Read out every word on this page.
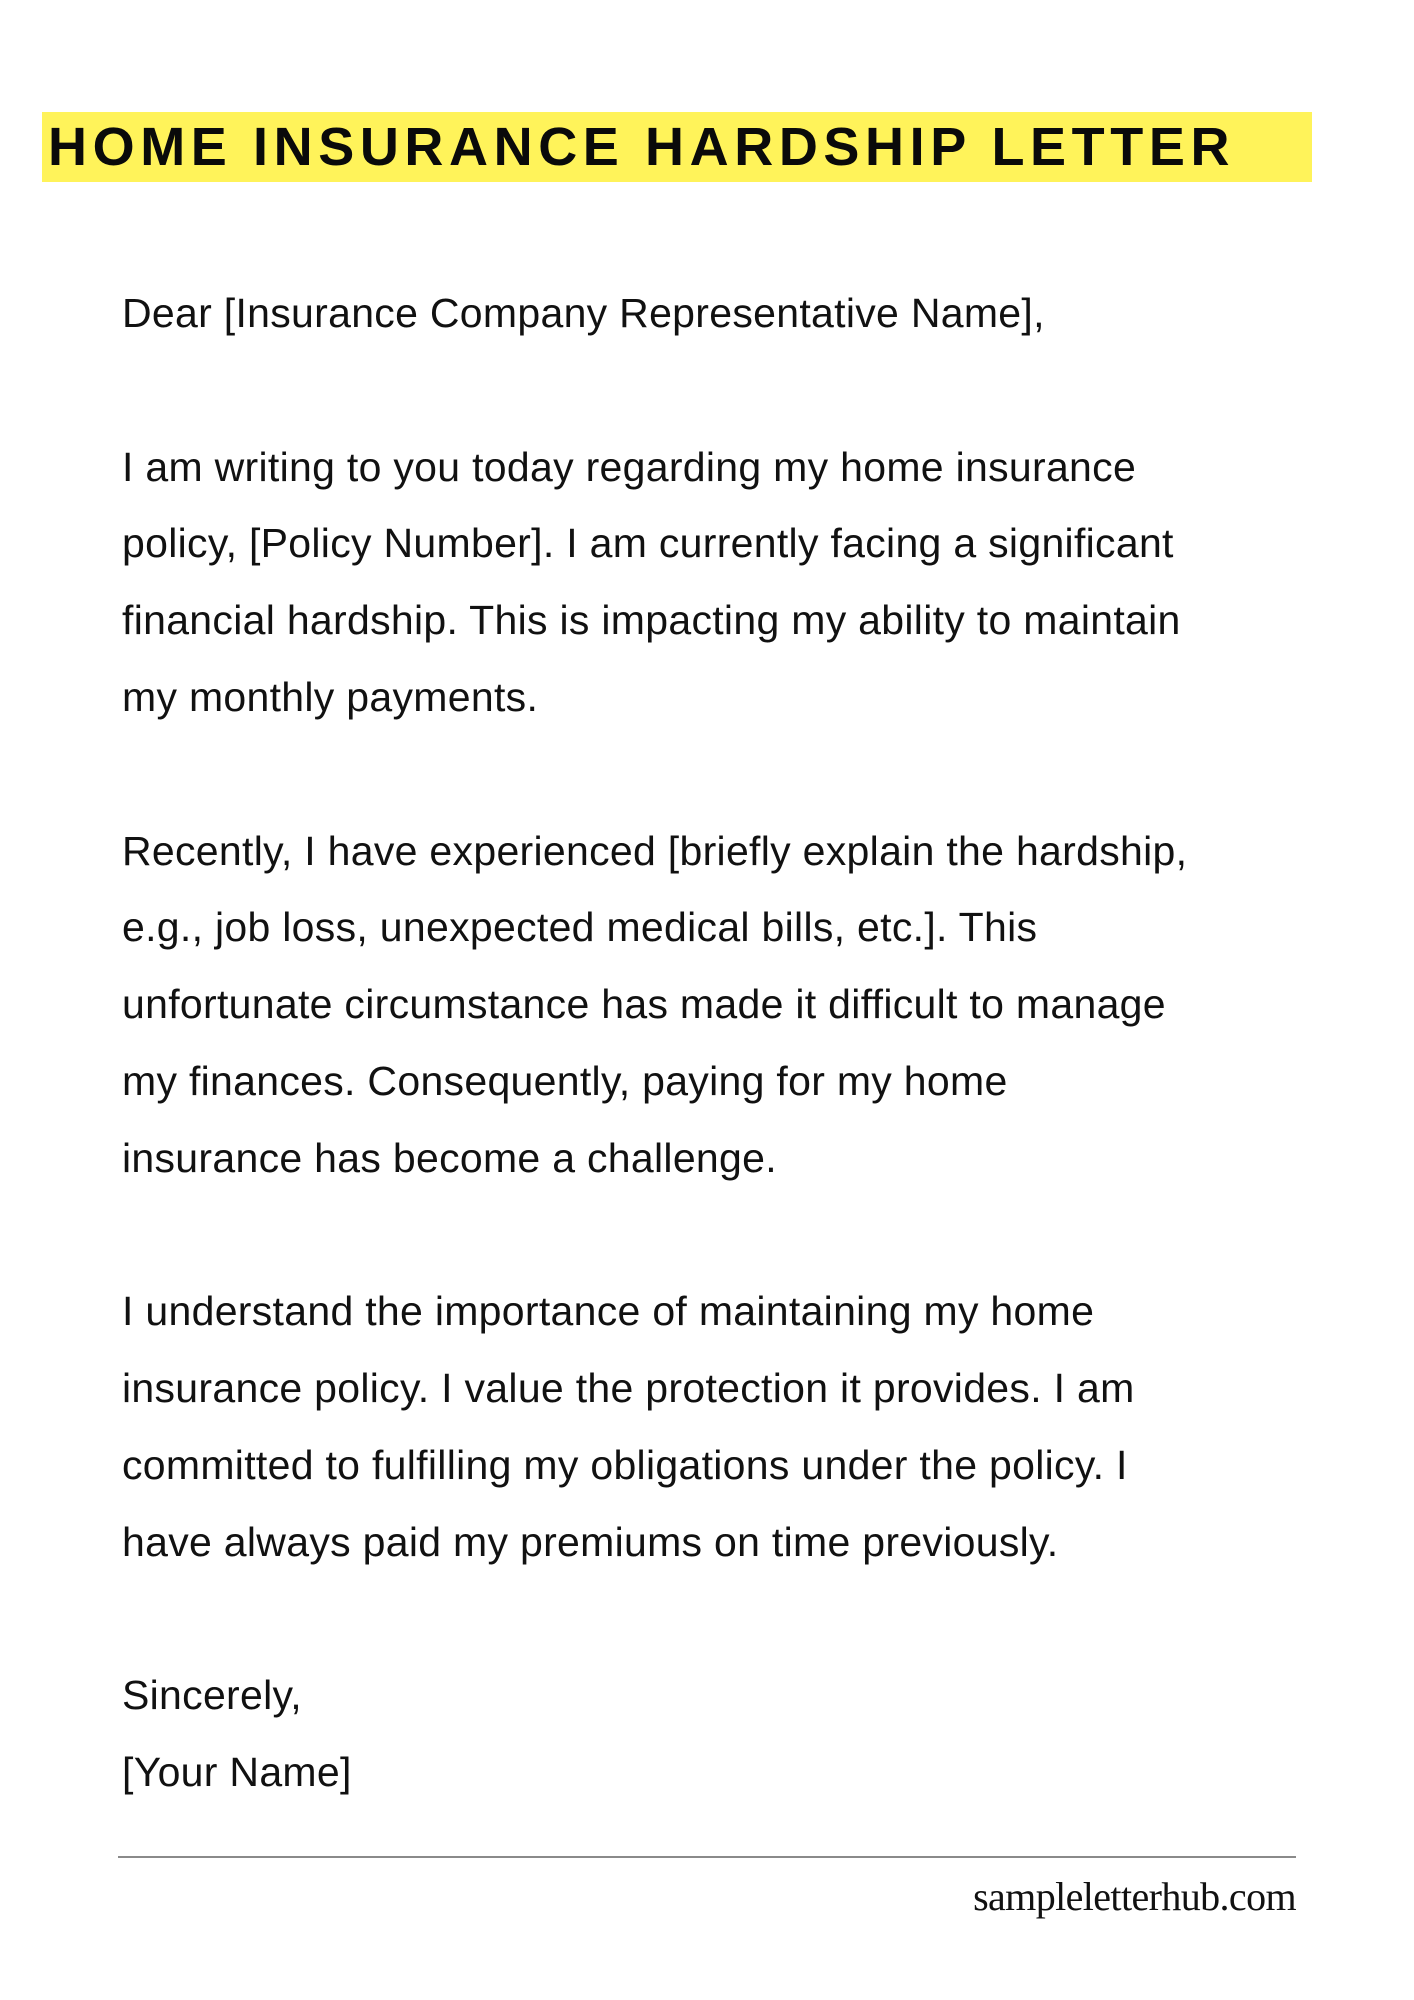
HOME INSURANCE HARDSHIP LETTER
Dear [Insurance Company Representative Name],
I am writing to you today regarding my home insurance
policy, [Policy Number]. I am currently facing a significant
financial hardship. This is impacting my ability to maintain
my monthly payments.
Recently, I have experienced [briefly explain the hardship,
e.g., job loss, unexpected medical bills, etc.]. This
unfortunate circumstance has made it difficult to manage
my finances. Consequently, paying for my home
insurance has become a challenge.
I understand the importance of maintaining my home
insurance policy. I value the protection it provides. I am
committed to fulfilling my obligations under the policy. I
have always paid my premiums on time previously.
Sincerely,
[Your Name]
sampleletterhub.com
